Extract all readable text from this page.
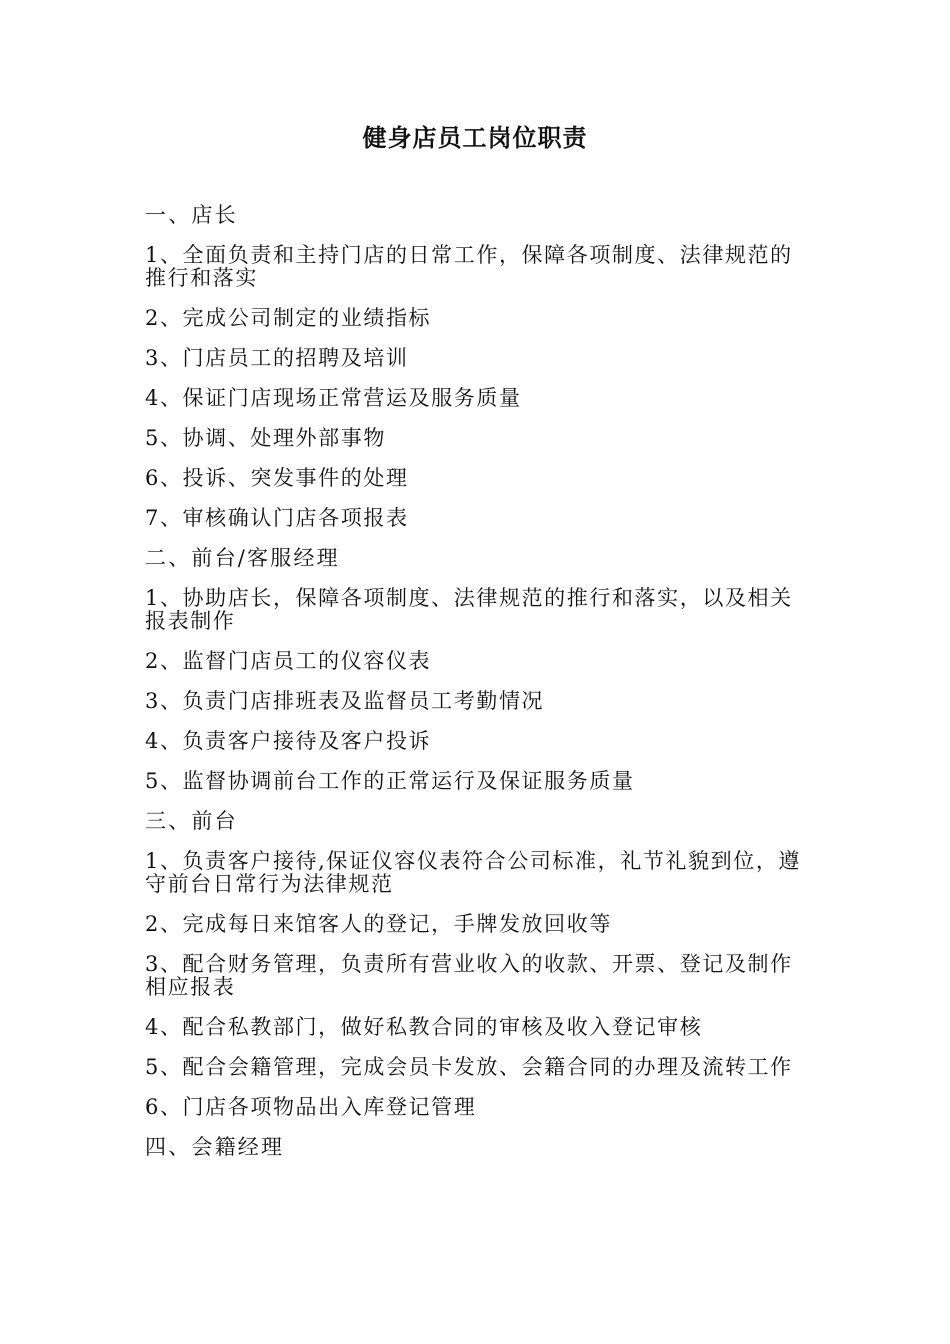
健身店员工岗位职责

一、店长

1、全面负责和主持门店的日常工作，保障各项制度、法律规范的推行和落实

2、完成公司制定的业绩指标

3、门店员工的招聘及培训

4、保证门店现场正常营运及服务质量

5、协调、处理外部事物

6、投诉、突发事件的处理

7、审核确认门店各项报表

二、前台/客服经理

1、协助店长，保障各项制度、法律规范的推行和落实，以及相关报表制作

2、监督门店员工的仪容仪表

3、负责门店排班表及监督员工考勤情况

4、负责客户接待及客户投诉

5、监督协调前台工作的正常运行及保证服务质量

三、前台

1、负责客户接待,保证仪容仪表符合公司标准，礼节礼貌到位，遵守前台日常行为法律规范

2、完成每日来馆客人的登记，手牌发放回收等

3、配合财务管理，负责所有营业收入的收款、开票、登记及制作相应报表

4、配合私教部门，做好私教合同的审核及收入登记审核

5、配合会籍管理，完成会员卡发放、会籍合同的办理及流转工作

6、门店各项物品出入库登记管理

四、会籍经理
